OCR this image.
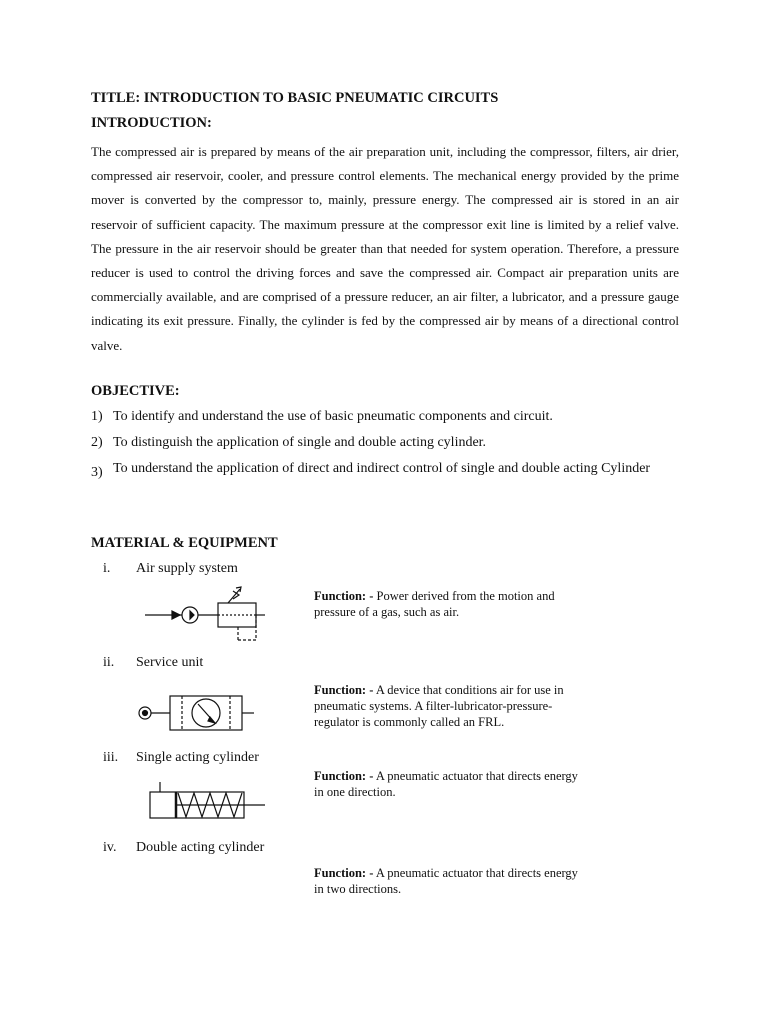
TITLE: INTRODUCTION TO BASIC PNEUMATIC CIRCUITS
INTRODUCTION:
The compressed air is prepared by means of the air preparation unit, including the compressor, filters, air drier, compressed air reservoir, cooler, and pressure control elements. The mechanical energy provided by the prime mover is converted by the compressor to, mainly, pressure energy. The compressed air is stored in an air reservoir of sufficient capacity. The maximum pressure at the compressor exit line is limited by a relief valve. The pressure in the air reservoir should be greater than that needed for system operation. Therefore, a pressure reducer is used to control the driving forces and save the compressed air. Compact air preparation units are commercially available, and are comprised of a pressure reducer, an air filter, a lubricator, and a pressure gauge indicating its exit pressure. Finally, the cylinder is fed by the compressed air by means of a directional control valve.
OBJECTIVE:
1) To identify and understand the use of basic pneumatic components and circuit.
2) To distinguish the application of single and double acting cylinder.
3) To understand the application of direct and indirect control of single and double acting Cylinder
MATERIAL & EQUIPMENT
i.	Air supply system
Function: - Power derived from the motion and pressure of a gas, such as air.
ii.	Service unit
Function: - A device that conditions air for use in pneumatic systems. A filter-lubricator-pressure-regulator is commonly called an FRL.
iii.	Single acting cylinder
Function: - A pneumatic actuator that directs energy in one direction.
iv.	Double acting cylinder
Function: - A pneumatic actuator that directs energy in two directions.
